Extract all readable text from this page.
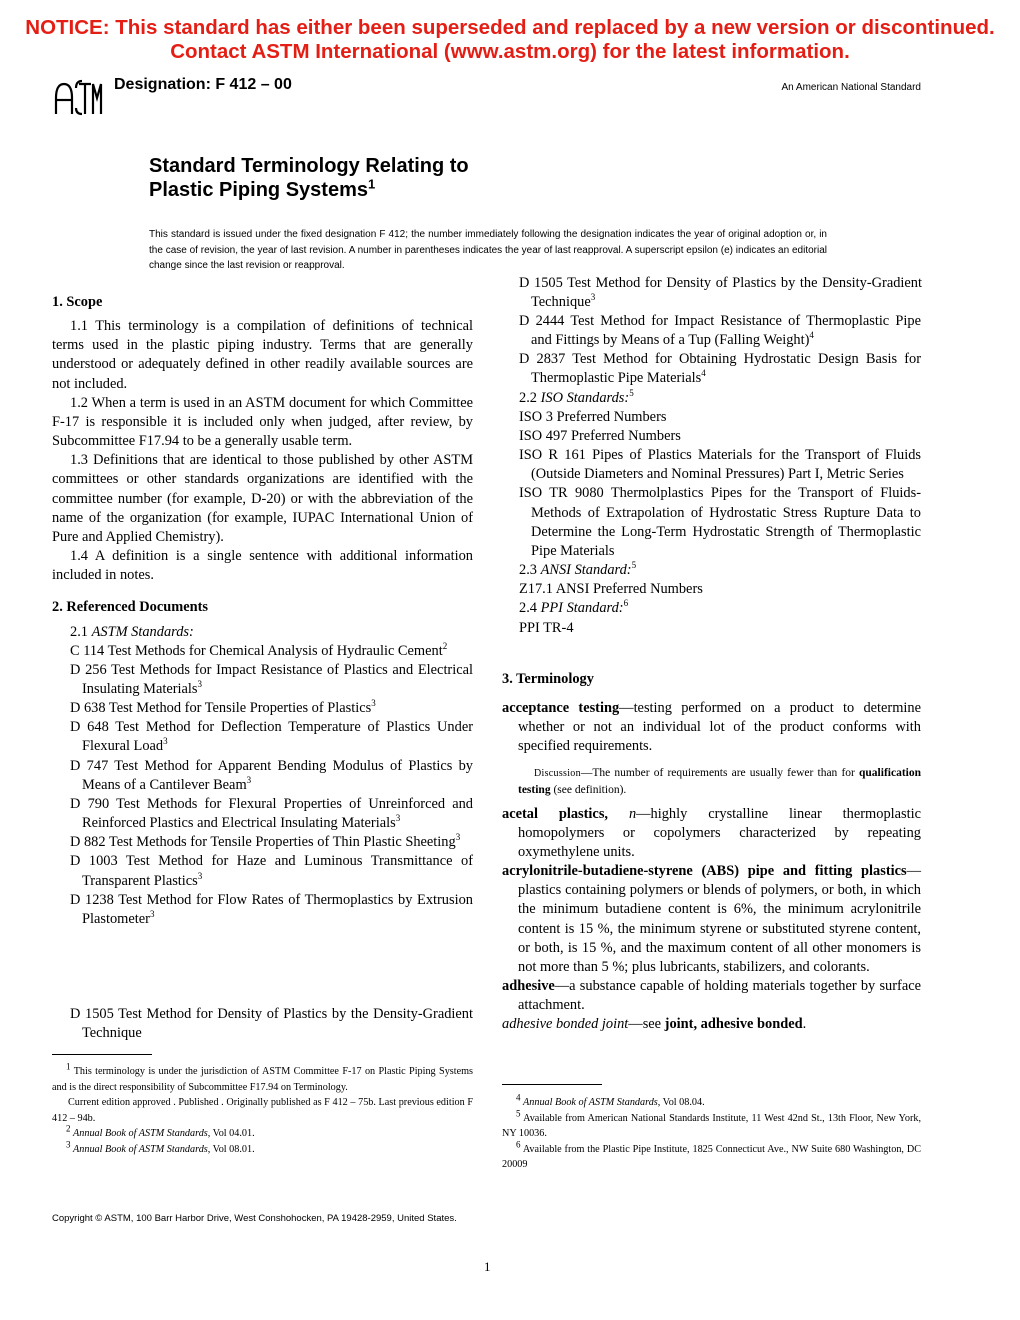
NOTICE: This standard has either been superseded and replaced by a new version or discontinued.
Contact ASTM International (www.astm.org) for the latest information.
Designation: F 412 – 00	An American National Standard
Standard Terminology Relating to
Plastic Piping Systems$^1$
This standard is issued under the fixed designation F 412; the number immediately following the designation indicates the year of original adoption or, in the case of revision, the year of last revision. A number in parentheses indicates the year of last reapproval. A superscript epsilon (e) indicates an editorial change since the last revision or reapproval.

1. Scope

1.1 This terminology is a compilation of definitions of technical terms used in the plastic piping industry. Terms that are generally understood or adequately defined in other readily available sources are not included.

1.2 When a term is used in an ASTM document for which Committee F-17 is responsible it is included only when judged, after review, by Subcommittee F17.94 to be a generally usable term.

1.3 Definitions that are identical to those published by other ASTM committees or other standards organizations are identified with the committee number (for example, D-20) or with the abbreviation of the name of the organization (for example, IUPAC International Union of Pure and Applied Chemistry).

1.4 A definition is a single sentence with additional information included in notes.

2. Referenced Documents

2.1 ASTM Standards:

C 114 Test Methods for Chemical Analysis of Hydraulic Cement$^2$

D 256 Test Methods for Impact Resistance of Plastics and Electrical Insulating Materials$^3$

D 638 Test Method for Tensile Properties of Plastics$^3$

D 648 Test Method for Deflection Temperature of Plastics Under Flexural Load$^3$

D 747 Test Method for Apparent Bending Modulus of Plastics by Means of a Cantilever Beam$^3$

D 790 Test Methods for Flexural Properties of Unreinforced and Reinforced Plastics and Electrical Insulating Materials$^3$

D 882 Test Methods for Tensile Properties of Thin Plastic Sheeting$^3$

D 1003 Test Method for Haze and Luminous Transmittance of Transparent Plastics$^3$

D 1238 Test Method for Flow Rates of Thermoplastics by Extrusion Plastometer$^3$

D 1505 Test Method for Density of Plastics by the Density-Gradient Technique

$^1$ This terminology is under the jurisdiction of ASTM Committee F-17 on Plastic Piping Systems and is the direct responsibility of Subcommittee F17.94 on Terminology.
Current edition approved . Published . Originally published as F 412 – 75b. Last previous edition F 412 – 94b.
$^2$ Annual Book of ASTM Standards, Vol 04.01.
$^3$ Annual Book of ASTM Standards, Vol 08.01.

D 1505 Test Method for Density of Plastics by the Density-Gradient Technique$^3$

D 2444 Test Method for Impact Resistance of Thermoplastic Pipe and Fittings by Means of a Tup (Falling Weight)$^4$

D 2837 Test Method for Obtaining Hydrostatic Design Basis for Thermoplastic Pipe Materials$^4$

2.2 ISO Standards:$^5$

ISO 3 Preferred Numbers

ISO 497 Preferred Numbers

ISO R 161 Pipes of Plastics Materials for the Transport of Fluids (Outside Diameters and Nominal Pressures) Part I, Metric Series

ISO TR 9080 Thermolplastics Pipes for the Transport of Fluids-Methods of Extrapolation of Hydrostatic Stress Rupture Data to Determine the Long-Term Hydrostatic Strength of Thermoplastic Pipe Materials

2.3 ANSI Standard:$^5$

Z17.1 ANSI Preferred Numbers

2.4 PPI Standard:$^6$

PPI TR-4

3. Terminology

acceptance testing—testing performed on a product to determine whether or not an individual lot of the product conforms with specified requirements.

Discussion—The number of requirements are usually fewer than for qualification testing (see definition).

acetal plastics, n—highly crystalline linear thermoplastic homopolymers or copolymers characterized by repeating oxymethylene units.

acrylonitrile-butadiene-styrene (ABS) pipe and fitting plastics—plastics containing polymers or blends of polymers, or both, in which the minimum butadiene content is 6%, the minimum acrylonitrile content is 15 %, the minimum styrene or substituted styrene content, or both, is 15 %, and the maximum content of all other monomers is not more than 5 %; plus lubricants, stabilizers, and colorants.

adhesive—a substance capable of holding materials together by surface attachment.

adhesive bonded joint—see joint, adhesive bonded.

$^4$ Annual Book of ASTM Standards, Vol 08.04.
$^5$ Available from American National Standards Institute, 11 West 42nd St., 13th Floor, New York, NY 10036.
$^6$ Available from the Plastic Pipe Institute, 1825 Connecticut Ave., NW Suite 680 Washington, DC 20009
Copyright © ASTM, 100 Barr Harbor Drive, West Conshohocken, PA 19428-2959, United States.
1
